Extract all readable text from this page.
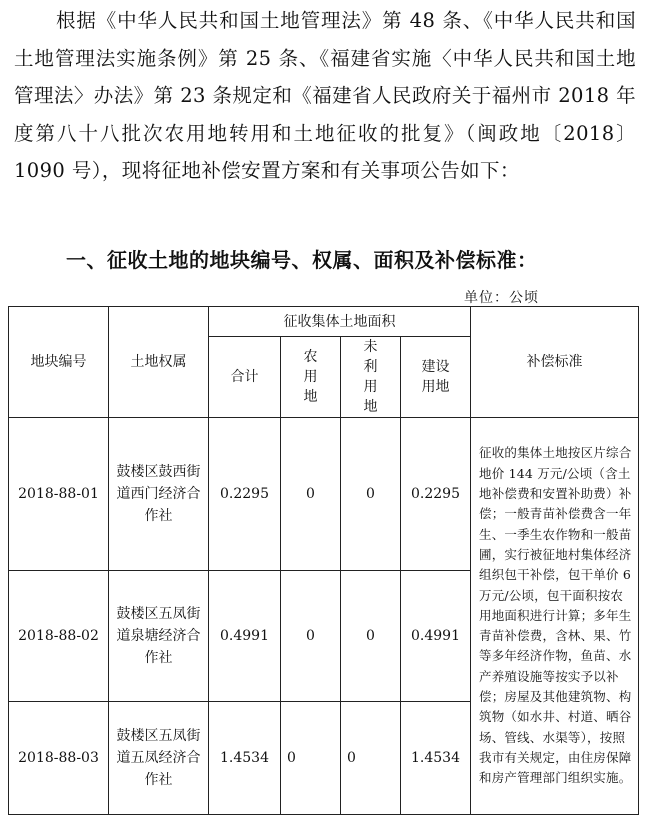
根据《中华人民共和国土地管理法》第 48 条、《中华人民共和国土地管理法实施条例》第 25 条、《福建省实施〈中华人民共和国土地管理法〉办法》第 23 条规定和《福建省人民政府关于福州市 2018 年度第八十八批次农用地转用和土地征收的批复》（闽政地〔2018〕1090 号），现将征地补偿安置方案和有关事项公告如下：

一、征收土地的地块编号、权属、面积及补偿标准：
单位：公顷
地块编号	土地权属	征收集体土地面积				补偿标准
		合计	农用地	未利用地	建设用地	
2018-88-01	鼓楼区鼓西街道西门经济合作社	0.2295	0	0	0.2295	征收的集体土地按区片综合地价 144 万元/公顷（含土地补偿费和安置补助费）补偿；一般青苗补偿费含一年生、一季生农作物和一般苗圃，实行被征地村集体经济组织包干补偿，包干单价 6 万元/公顷，包干面积按农用地面积进行计算；多年生青苗补偿费，含林、果、竹等多年经济作物，鱼苗、水产养殖设施等按实予以补偿；房屋及其他建筑物、构筑物（如水井、村道、晒谷场、管线、水渠等），按照我市有关规定，由住房保障和房产管理部门组织实施。
2018-88-02	鼓楼区五凤街道泉塘经济合作社	0.4991	0	0	0.4991	
2018-88-03	鼓楼区五凤街道五凤经济合作社	1.4534	0	0	1.4534	
